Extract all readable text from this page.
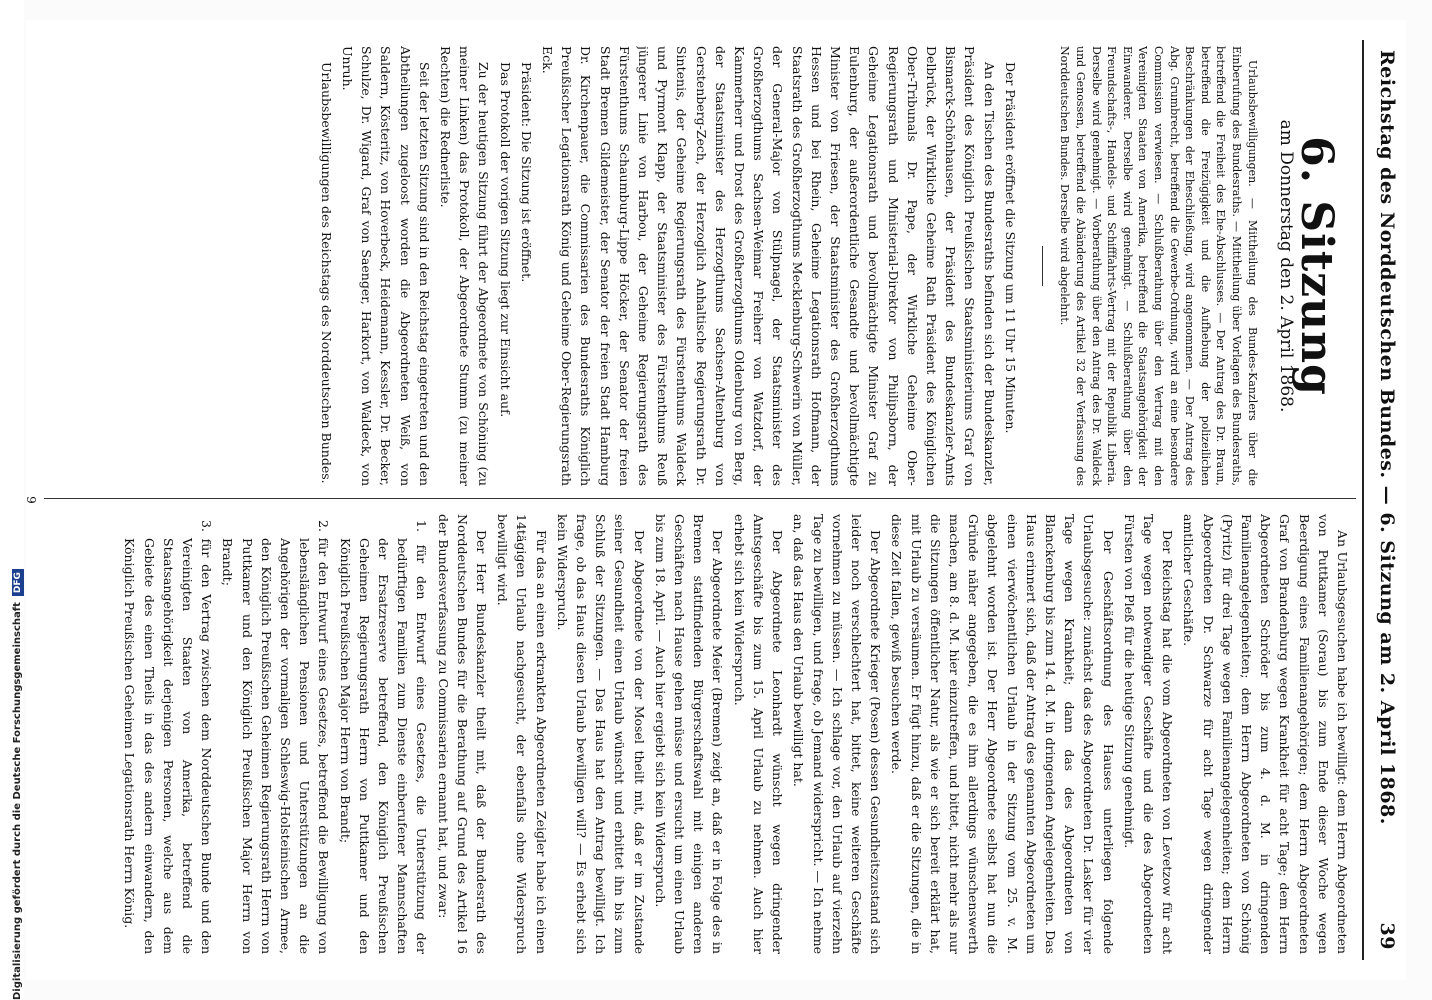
Reichstag des Norddeutschen Bundes. — 6. Sitzung am 2. April 1868.
39
6. Sitzung
am Donnerstag den 2. April 1868.
Urlaubsbewilligungen. — Mittheilung des Bundes-Kanzlers über die Einberufung des Bundesraths. — Mittheilung über Vorlagen des Bundesraths, betreffend die Freiheit des Ehe-Abschlusses. — Der Antrag des Dr. Braun, betreffend die Freizügigkeit und die Aufhebung der polizeilichen Beschränkungen der Eheschließung, wird angenommen. — Der Antrag des Abg. Grumbrecht, betreffend die Gewerbe-Ordnung, wird an eine besondere Commission verwiesen. — Schlußberathung über den Vertrag mit den Vereinigten Staaten von Amerika, betreffend die Staatsangehörigkeit der Einwanderer. Derselbe wird genehmigt. — Schlußberathung über den Freundschafts-, Handels- und Schifffahrts-Vertrag mit der Republik Liberia. Derselbe wird genehmigt. — Vorberathung über den Antrag des Dr. Waldeck und Genossen, betreffend die Abänderung des Artikel 32 der Verfassung des Norddeutschen Bundes. Derselbe wird abgelehnt.

Der Präsident eröffnet die Sitzung um 11 Uhr 15 Minuten.

An den Tischen des Bundesraths befinden sich der Bundeskanzler, Präsident des Königlich Preußischen Staatsministeriums Graf von Bismarck-Schönhausen, der Präsident des Bundeskanzler-Amts Delbrück, der Wirkliche Geheime Rath Präsident des Königlichen Ober-Tribunals Dr. Pape, der Wirkliche Geheime Ober-Regierungsrath und Ministerial-Direktor von Philipsborn, der Geheime Legationsrath und bevollmächtigte Minister Graf zu Eulenburg, der außerordentliche Gesandte und bevollmächtigte Minister von Friesen, der Staatsminister des Großherzogthums Hessen und bei Rhein, Geheime Legationsrath Hofmann, der Staatsrath des Großherzogthums Mecklenburg-Schwerin von Müller, der General-Major von Stülpnagel, der Staatsminister des Großherzogthums Sachsen-Weimar Freiherr von Watzdorf, der Kammerherr und Drost des Großherzogthums Oldenburg von Berg, der Staatsminister des Herzogthums Sachsen-Altenburg von Gerstenberg-Zech, der Herzoglich Anhaltische Regierungsrath Dr. Sintenis, der Geheime Regierungsrath des Fürstenthums Waldeck und Pyrmont Klapp, der Staatsminister des Fürstenthums Reuß jüngerer Linie von Harbou, der Geheime Regierungsrath des Fürstenthums Schaumburg-Lippe Höcker, der Senator der freien Stadt Bremen Gildemeister, der Senator der freien Stadt Hamburg Dr. Kirchenpauer, die Commissarien des Bundesraths Königlich Preußischer Legationsrath König und Geheime Ober-Regierungsrath Eck.

Präsident: Die Sitzung ist eröffnet.

Das Protokoll der vorigen Sitzung liegt zur Einsicht auf.

Zu der heutigen Sitzung führt der Abgeordnete von Schöning (zu meiner Linken) das Protokoll, der Abgeordnete Stumm (zu meiner Rechten) die Rednerliste.

Seit der letzten Sitzung sind in den Reichstag eingetreten und den Abtheilungen zugeloost worden die Abgeordneten Weiß, von Saldern, Kösteritz, von Hoverbeck, Heidemann, Kessler, Dr. Becker, Schulze, Dr. Wigard, Graf von Saenger, Harkort, von Waldeck, von Unruh.

Urlaubsbewilligungen des Reichstags des Norddeutschen Bundes.

An Urlaubsgesuchen habe ich bewilligt: dem Herrn Abgeordneten von Puttkamer (Sorau) bis zum Ende dieser Woche wegen Beerdigung eines Familienangehörigen; dem Herrn Abgeordneten Graf von Brandenburg wegen Krankheit für acht Tage; dem Herrn Abgeordneten Schröder bis zum 4. d. M. in dringenden Familienangelegenheiten; dem Herrn Abgeordneten von Schönig (Pyritz) für drei Tage wegen Familienangelegenheiten; dem Herrn Abgeordneten Dr. Schwarze für acht Tage wegen dringender amtlicher Geschäfte.

Der Reichstag hat die vom Abgeordneten von Levetzow für acht Tage wegen notwendiger Geschäfte und die des Abgeordneten Fürsten von Pleß für die heutige Sitzung genehmigt.

Der Geschäftsordnung des Hauses unterliegen folgende Urlaubsgesuche: zunächst das des Abgeordneten Dr. Lasker für vier Tage wegen Krankheit; dann das des Abgeordneten von Blanckenburg bis zum 14. d. M. in dringenden Angelegenheiten. Das Haus erinnert sich, daß der Antrag des genannten Abgeordneten um einen vierwöchentlichen Urlaub in der Sitzung vom 25. v. M. abgelehnt worden ist. Der Herr Abgeordnete selbst hat nun die Gründe näher angegeben, die es ihm allerdings wünschenswerth machen, am 8. d. M. hier einzutreffen, und bittet, nicht mehr als nur die Sitzungen öffentlicher Natur, als wie er sich bereit erklärt hat, mit Urlaub zu versäumen. Er fügt hinzu, daß er die Sitzungen, die in diese Zeit fallen, gewiß besuchen werde.

Der Abgeordnete Krieger (Posen) dessen Gesundheitszustand sich leider noch verschlechtert hat, bittet, keine weiteren Geschäfte vornehmen zu müssen. — Ich schlage vor, den Urlaub auf vierzehn Tage zu bewilligen, und frage, ob Jemand widerspricht. — Ich nehme an, daß das Haus den Urlaub bewilligt hat.

Der Abgeordnete Leonhardt wünscht wegen dringender Amtsgeschäfte bis zum 15. April Urlaub zu nehmen. Auch hier erhebt sich kein Widerspruch.

Der Abgeordnete Meier (Bremen) zeigt an, daß er in Folge des in Bremen stattfindenden Bürgerschaftswahl mit einigen anderen Geschäften nach Hause gehen müsse und ersucht um einen Urlaub bis zum 18. April. — Auch hier ergiebt sich kein Widerspruch.

Der Abgeordnete von der Mosel theilt mit, daß er im Zustande seiner Gesundheit einen Urlaub wünscht und erbittet ihn bis zum Schluß der Sitzungen. — Das Haus hat den Antrag bewilligt. Ich frage, ob das Haus diesen Urlaub bewilligen will? — Es erhebt sich kein Widerspruch.

Für das an einen erkrankten Abgeordneten Zeigler habe ich einen 14tägigen Urlaub nachgesucht, der ebenfalls ohne Widerspruch bewilligt wird.

Der Herr Bundeskanzler theilt mit, daß der Bundesrath des Norddeutschen Bundes für die Berathung auf Grund des Artikel 16 der Bundesverfassung zu Commissarien ernannt hat, und zwar:

1. für den Entwurf eines Gesetzes, die Unterstützung der bedürftigen Familien zum Dienste einberufener Mannschaften der Ersatzreserve betreffend, den Königlich Preußischen Geheimen Regierungsrath Herrn von Puttkamer und den Königlich Preußischen Major Herrn von Brandt;

2. für den Entwurf eines Gesetzes, betreffend die Bewilligung von lebenslänglichen Pensionen und Unterstützungen an die Angehörigen der vormaligen Schleswig-Holsteinischen Armee, den Königlich Preußischen Geheimen Regierungsrath Herrn von Puttkamer und den Königlich Preußischen Major Herrn von Brandt;

3. für den Vertrag zwischen dem Norddeutschen Bunde und den Vereinigten Staaten von Amerika, betreffend die Staatsangehörigkeit derjenigen Personen, welche aus dem Gebiete des einen Theils in das des andern einwandern, den Königlich Preußischen Geheimen Legationsrath Herrn König.

9
Digitalisierung gefördert durch die Deutsche ForschungsgemeinschaftDFG
